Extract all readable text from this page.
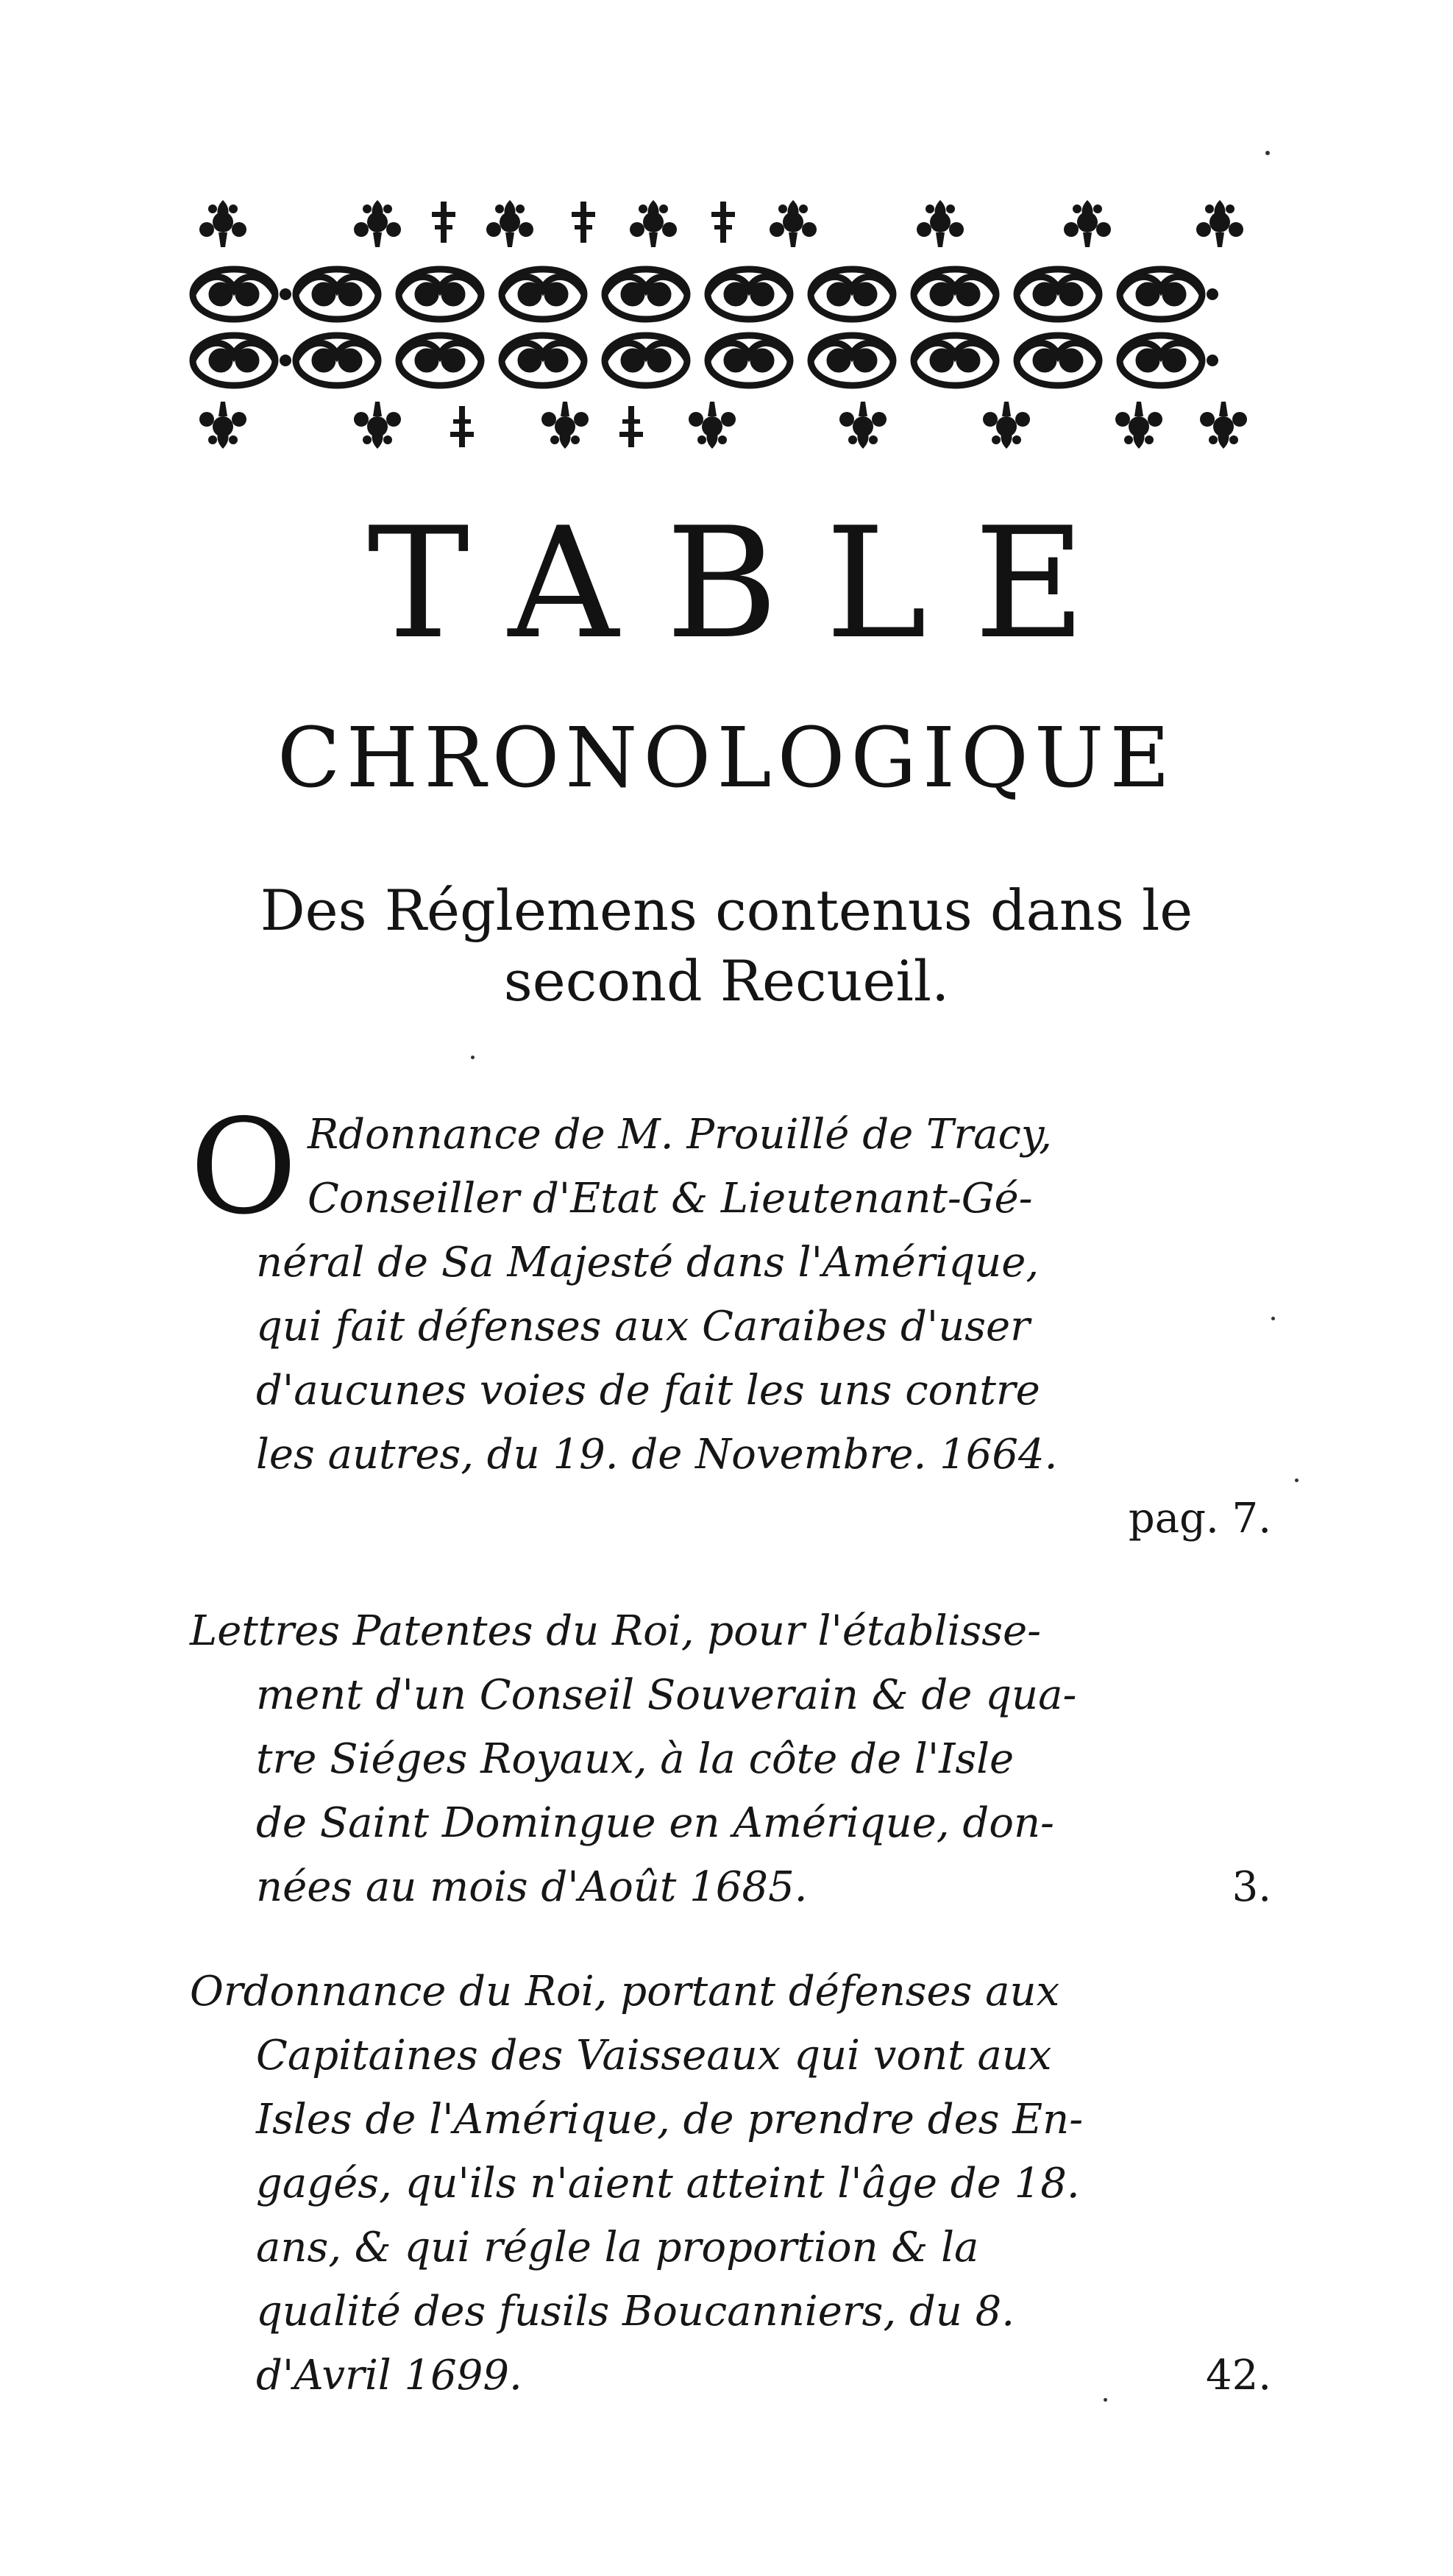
TABLE
CHRONOLOGIQUE
Des Réglemens contenus dans le
second Recueil.
O Rdonnance de M. Prouillé de Tracy,
Conseiller d'Etat & Lieutenant-Gé-
néral de Sa Majesté dans l'Amérique,
qui fait défenses aux Caraibes d'user
d'aucunes voies de fait les uns contre
les autres, du 19. de Novembre. 1664.
pag. 7.
Lettres Patentes du Roi, pour l'établisse-
ment d'un Conseil Souverain & de qua-
tre Siéges Royaux, à la côte de l'Isle
de Saint Domingue en Amérique, don-
nées au mois d'Août 1685.	3.
Ordonnance du Roi, portant défenses aux
Capitaines des Vaisseaux qui vont aux
Isles de l'Amérique, de prendre des En-
gagés, qu'ils n'aient atteint l'âge de 18.
ans, & qui régle la proportion & la
qualité des fusils Boucanniers, du 8.
d'Avril 1699.	42.
